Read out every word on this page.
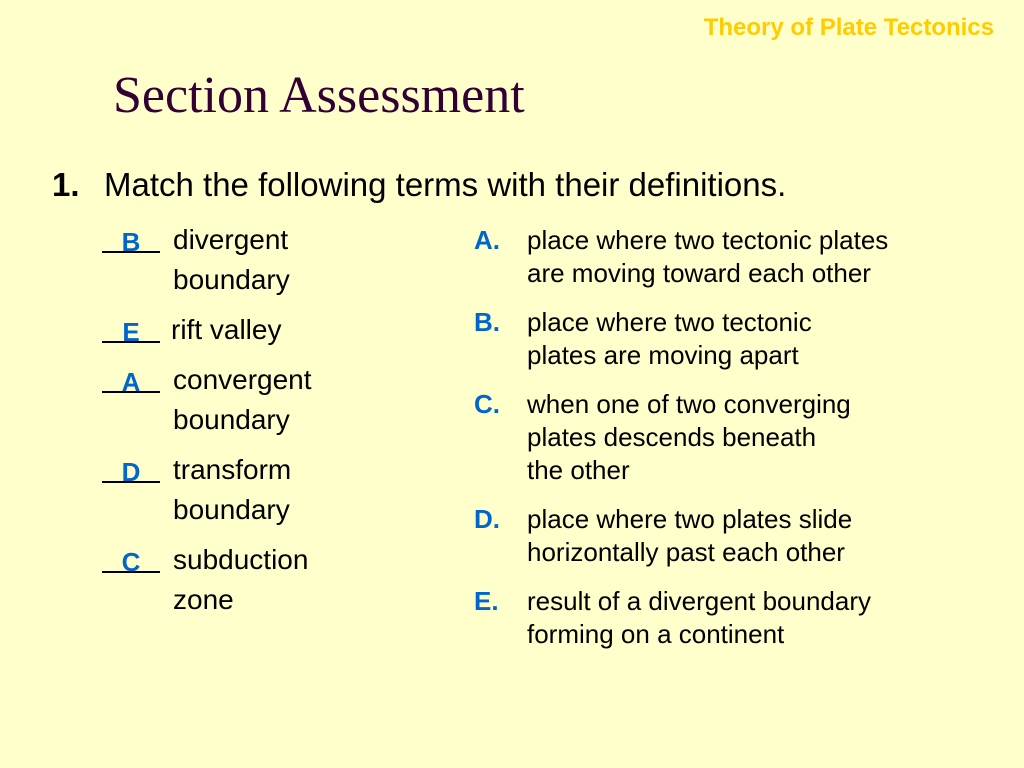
Theory of Plate Tectonics
Section Assessment
1. Match the following terms with their definitions.
B	divergent
boundary
E	rift valley
A	convergent
boundary
D	transform
boundary
C	subduction
zone
A. place where two tectonic plates
are moving toward each other
B. place where two tectonic
plates are moving apart
C. when one of two converging
plates descends beneath
the other
D. place where two plates slide
horizontally past each other
E. result of a divergent boundary
forming on a continent
